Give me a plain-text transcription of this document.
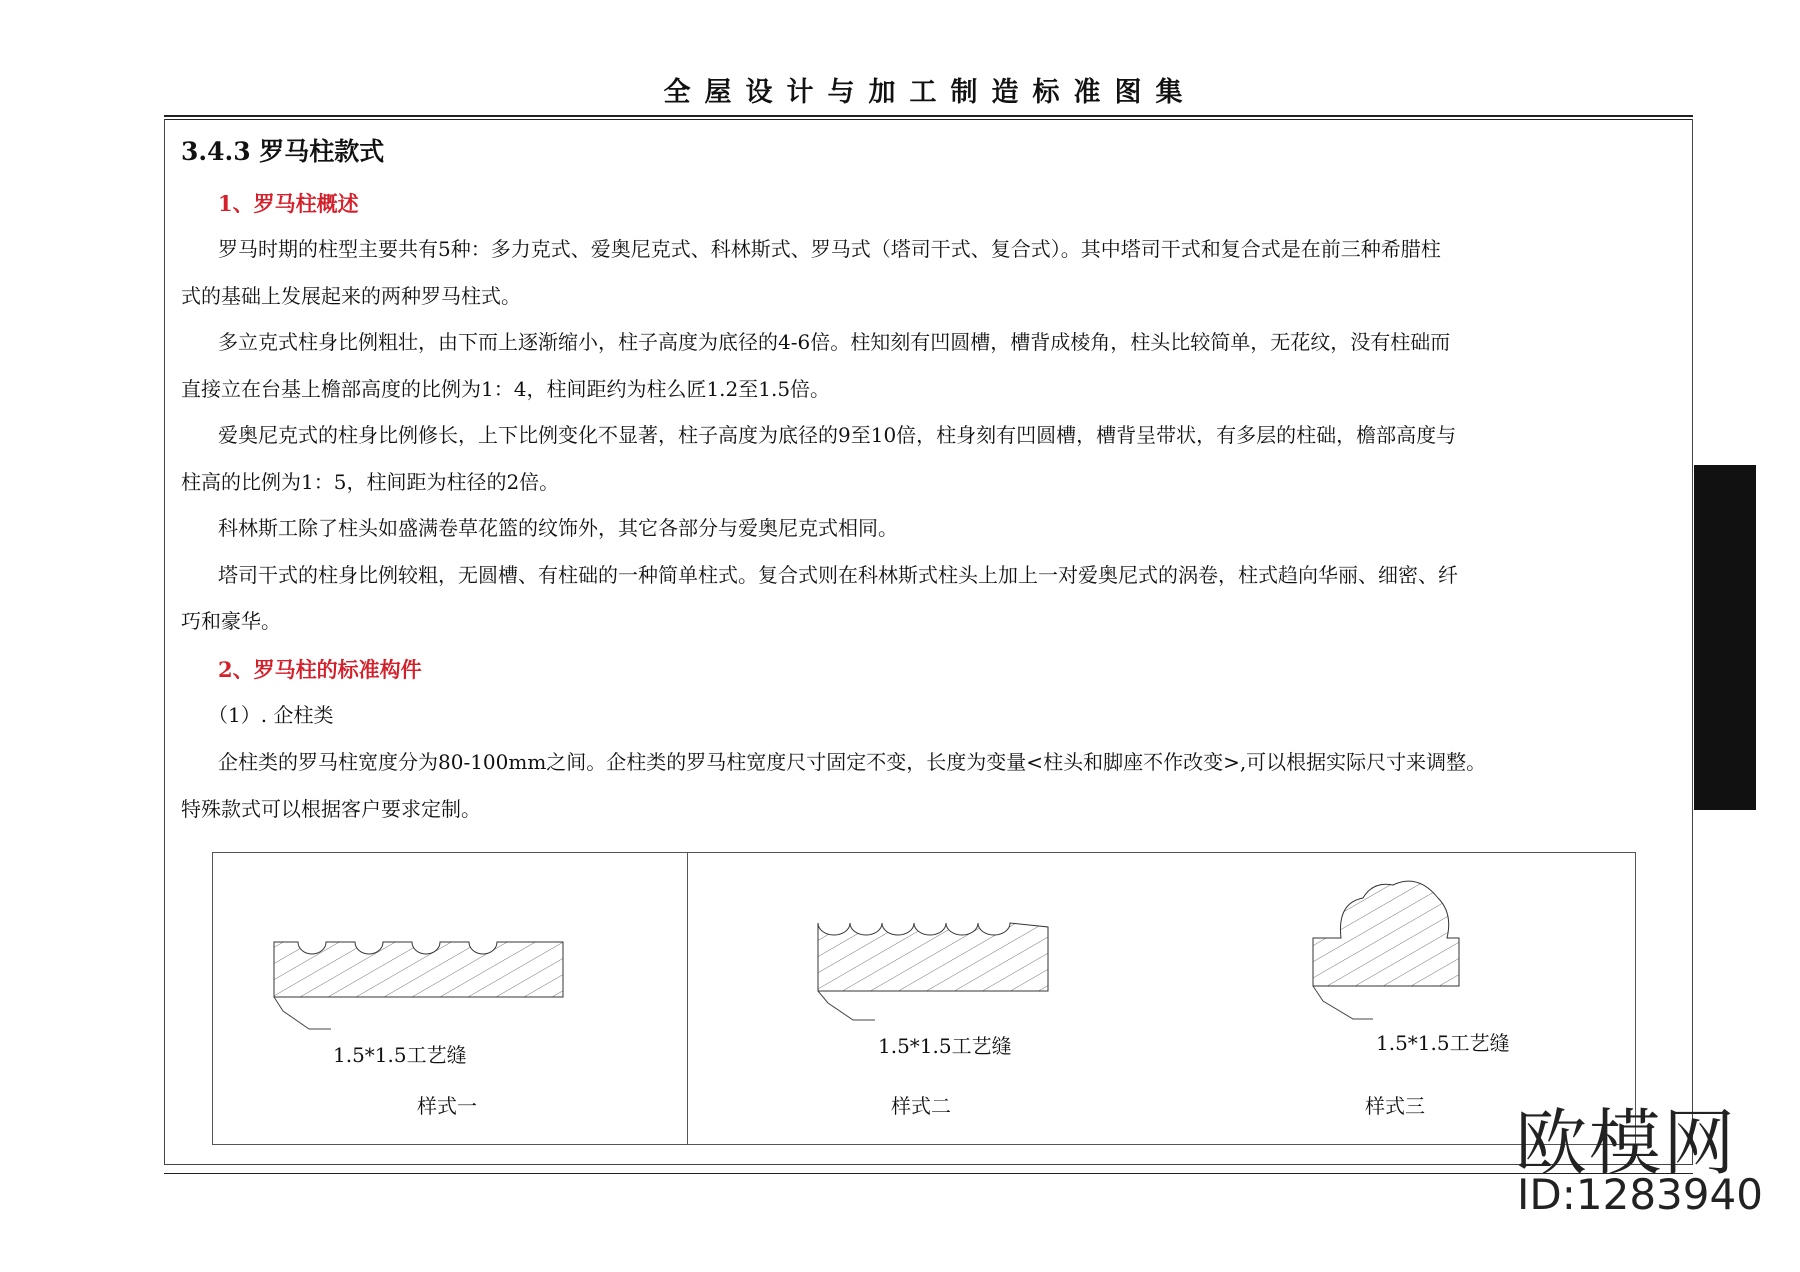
全屋设计与加工制造标准图集
3.4.3 罗马柱款式
1、罗马柱概述
罗马时期的柱型主要共有5种：多力克式、爱奥尼克式、科林斯式、罗马式（塔司干式、复合式）。其中塔司干式和复合式是在前三种希腊柱
式的基础上发展起来的两种罗马柱式。
多立克式柱身比例粗壮，由下而上逐渐缩小，柱子高度为底径的4-6倍。柱知刻有凹圆槽，槽背成棱角，柱头比较简单，无花纹，没有柱础而
直接立在台基上檐部高度的比例为1：4，柱间距约为柱么匠1.2至1.5倍。
爱奥尼克式的柱身比例修长，上下比例变化不显著，柱子高度为底径的9至10倍，柱身刻有凹圆槽，槽背呈带状，有多层的柱础，檐部高度与
柱高的比例为1：5，柱间距为柱径的2倍。
科林斯工除了柱头如盛满卷草花篮的纹饰外，其它各部分与爱奥尼克式相同。
塔司干式的柱身比例较粗，无圆槽、有柱础的一种简单柱式。复合式则在科林斯式柱头上加上一对爱奥尼式的涡卷，柱式趋向华丽、细密、纤
巧和豪华。
2、罗马柱的标准构件
（1）. 企柱类
企柱类的罗马柱宽度分为80-100mm之间。企柱类的罗马柱宽度尺寸固定不变，长度为变量<柱头和脚座不作改变>,可以根据实际尺寸来调整。
特殊款式可以根据客户要求定制。
1.5*1.5工艺缝	1.5*1.5工艺缝	1.5*1.5工艺缝
样式一	样式二	样式三 欧模网
ID:1283940
